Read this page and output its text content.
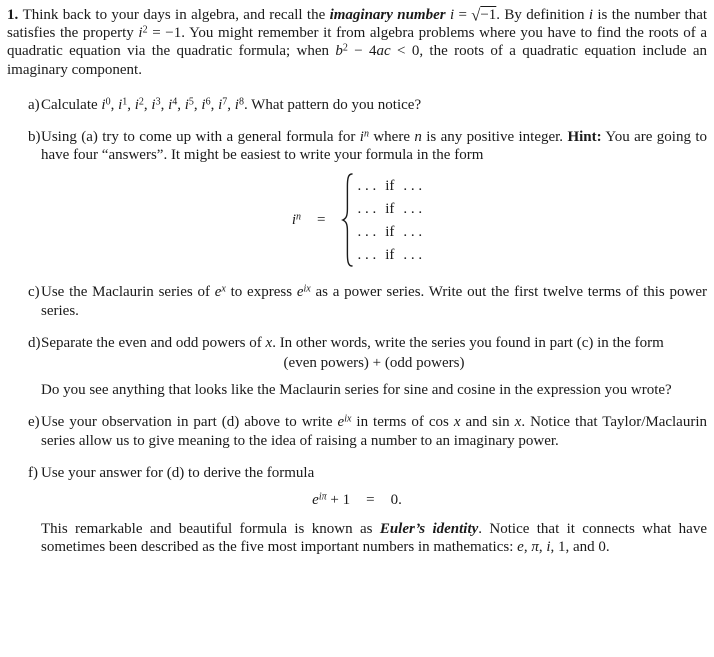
1. Think back to your days in algebra, and recall the imaginary number i = √−1. By definition i is the number that satisfies the property $i^2 = -1$. You might remember it from algebra problems where you have to find the roots of a quadratic equation via the quadratic formula; when $b^2 - 4ac < 0$, the roots of a quadratic equation include an imaginary component.

a) Calculate $i^0$, $i^1$, $i^2$, $i^3$, $i^4$, $i^5$, $i^6$, $i^7$, $i^8$. What pattern do you notice?
b) Using (a) try to come up with a general formula for $i^n$ where n is any positive integer. Hint: You are going to have four “answers”. It might be easiest to write your formula in the form
$i^n$ =
. . . if . . .
. . . if . . .
. . . if . . .
. . . if . . .
c) Use the Maclaurin series of $e^x$ to express $e^{ix}$ as a power series. Write out the first twelve terms of this power series.
d) Separate the even and odd powers of x. In other words, write the series you found in part (c) in the form
(even powers) + (odd powers)

Do you see anything that looks like the Maclaurin series for sine and cosine in the expression you wrote?

e) Use your observation in part (d) above to write $e^{ix}$ in terms of cos x and sin x. Notice that Taylor/Maclaurin series allow us to give meaning to the idea of raising a number to an imaginary power.
f) Use your answer for (d) to derive the formula
$e^{i\pi} + 1 = 0$.

This remarkable and beautiful formula is known as Euler’s identity. Notice that it connects what have sometimes been described as the five most important numbers in mathematics: e, π, i, 1, and 0.
